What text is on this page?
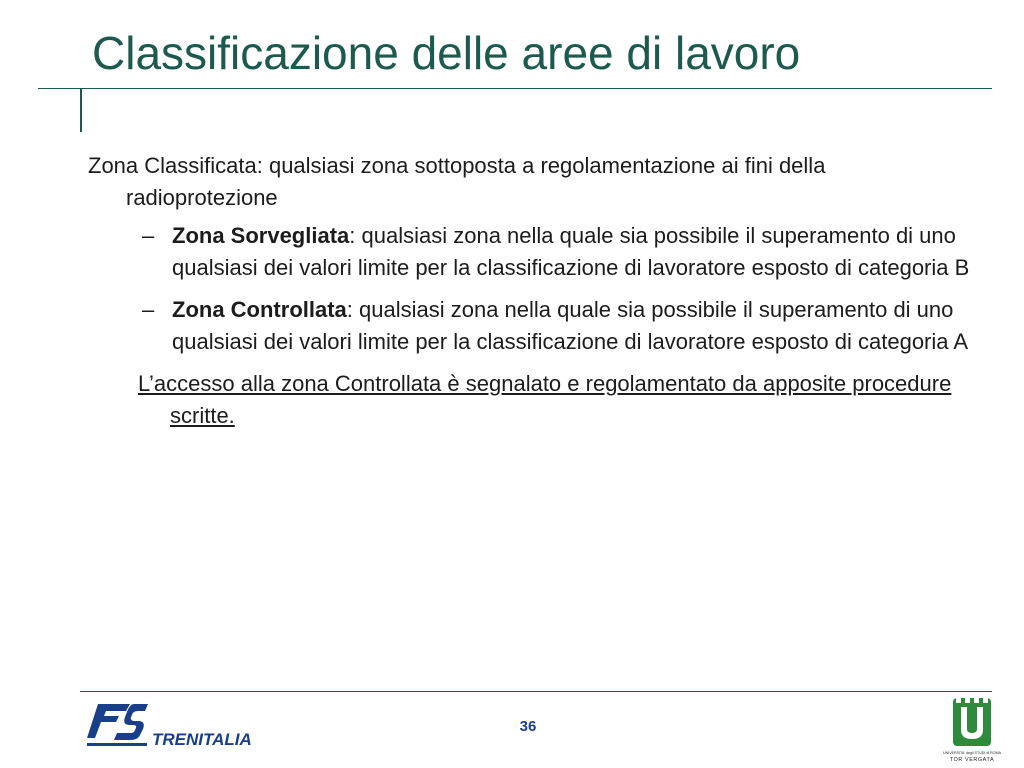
Classificazione delle aree di lavoro

Zona Classificata: qualsiasi zona sottoposta a regolamentazione ai fini della radioprotezione

– Zona Sorvegliata: qualsiasi zona nella quale sia possibile il superamento di uno qualsiasi dei valori limite per la classificazione di lavoratore esposto di categoria B
– Zona Controllata: qualsiasi zona nella quale sia possibile il superamento di uno qualsiasi dei valori limite per la classificazione di lavoratore esposto di categoria A

L’accesso alla zona Controllata è segnalato e regolamentato da apposite procedure scritte.

TRENITALIA
36
UNIVERSITA' degli STUDI di ROMA
TOR VERGATA
